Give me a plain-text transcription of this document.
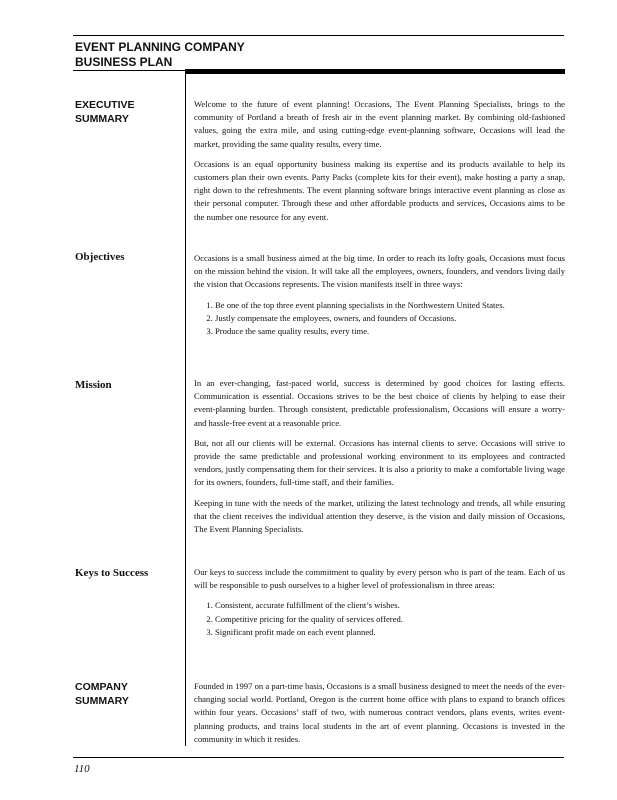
EVENT PLANNING COMPANY
BUSINESS PLAN
EXECUTIVE
SUMMARY

Welcome to the future of event planning! Occasions, The Event Planning Specialists, brings to the community of Portland a breath of fresh air in the event planning market. By combining old-fashioned values, going the extra mile, and using cutting-edge event-planning software, Occasions will lead the market, providing the same quality results, every time.

Occasions is an equal opportunity business making its expertise and its products available to help its customers plan their own events. Party Packs (complete kits for their event), make hosting a party a snap, right down to the refreshments. The event planning software brings interactive event planning as close as their personal computer. Through these and other affordable products and services, Occasions aims to be the number one resource for any event.

Objectives	Occasions is a small business aimed at the big time. In order to reach its lofty goals, Occasions must focus on the mission behind the vision. It will take all the employees, owners, founders, and vendors living daily the vision that Occasions represents. The vision manifests itself in three ways:

1. Be one of the top three event planning specialists in the Northwestern United States.
2. Justly compensate the employees, owners, and founders of Occasions.
3. Produce the same quality results, every time.
Mission	In an ever-changing, fast-paced world, success is determined by good choices for lasting effects. Communication is essential. Occasions strives to be the best choice of clients by helping to ease their event-planning burden. Through consistent, predictable professionalism, Occasions will ensure a worry- and hassle-free event at a reasonable price.

But, not all our clients will be external. Occasions has internal clients to serve. Occasions will strive to provide the same predictable and professional working environment to its employees and contracted vendors, justly compensating them for their services. It is also a priority to make a comfortable living wage for its owners, founders, full-time staff, and their families.

Keeping in tune with the needs of the market, utilizing the latest technology and trends, all while ensuring that the client receives the individual attention they deserve, is the vision and daily mission of Occasions, The Event Planning Specialists.

Keys to Success	Our keys to success include the commitment to quality by every person who is part of the team. Each of us will be responsible to push ourselves to a higher level of professionalism in three areas:

1. Consistent, accurate fulfillment of the client’s wishes.
2. Competitive pricing for the quality of services offered.
3. Significant profit made on each event planned.
COMPANY
SUMMARY

Founded in 1997 on a part-time basis, Occasions is a small business designed to meet the needs of the ever-changing social world. Portland, Oregon is the current home office with plans to expand to branch offices within four years. Occasions’ staff of two, with numerous contract vendors, plans events, writes event-planning products, and trains local students in the art of event planning. Occasions is invested in the community in which it resides.

110
